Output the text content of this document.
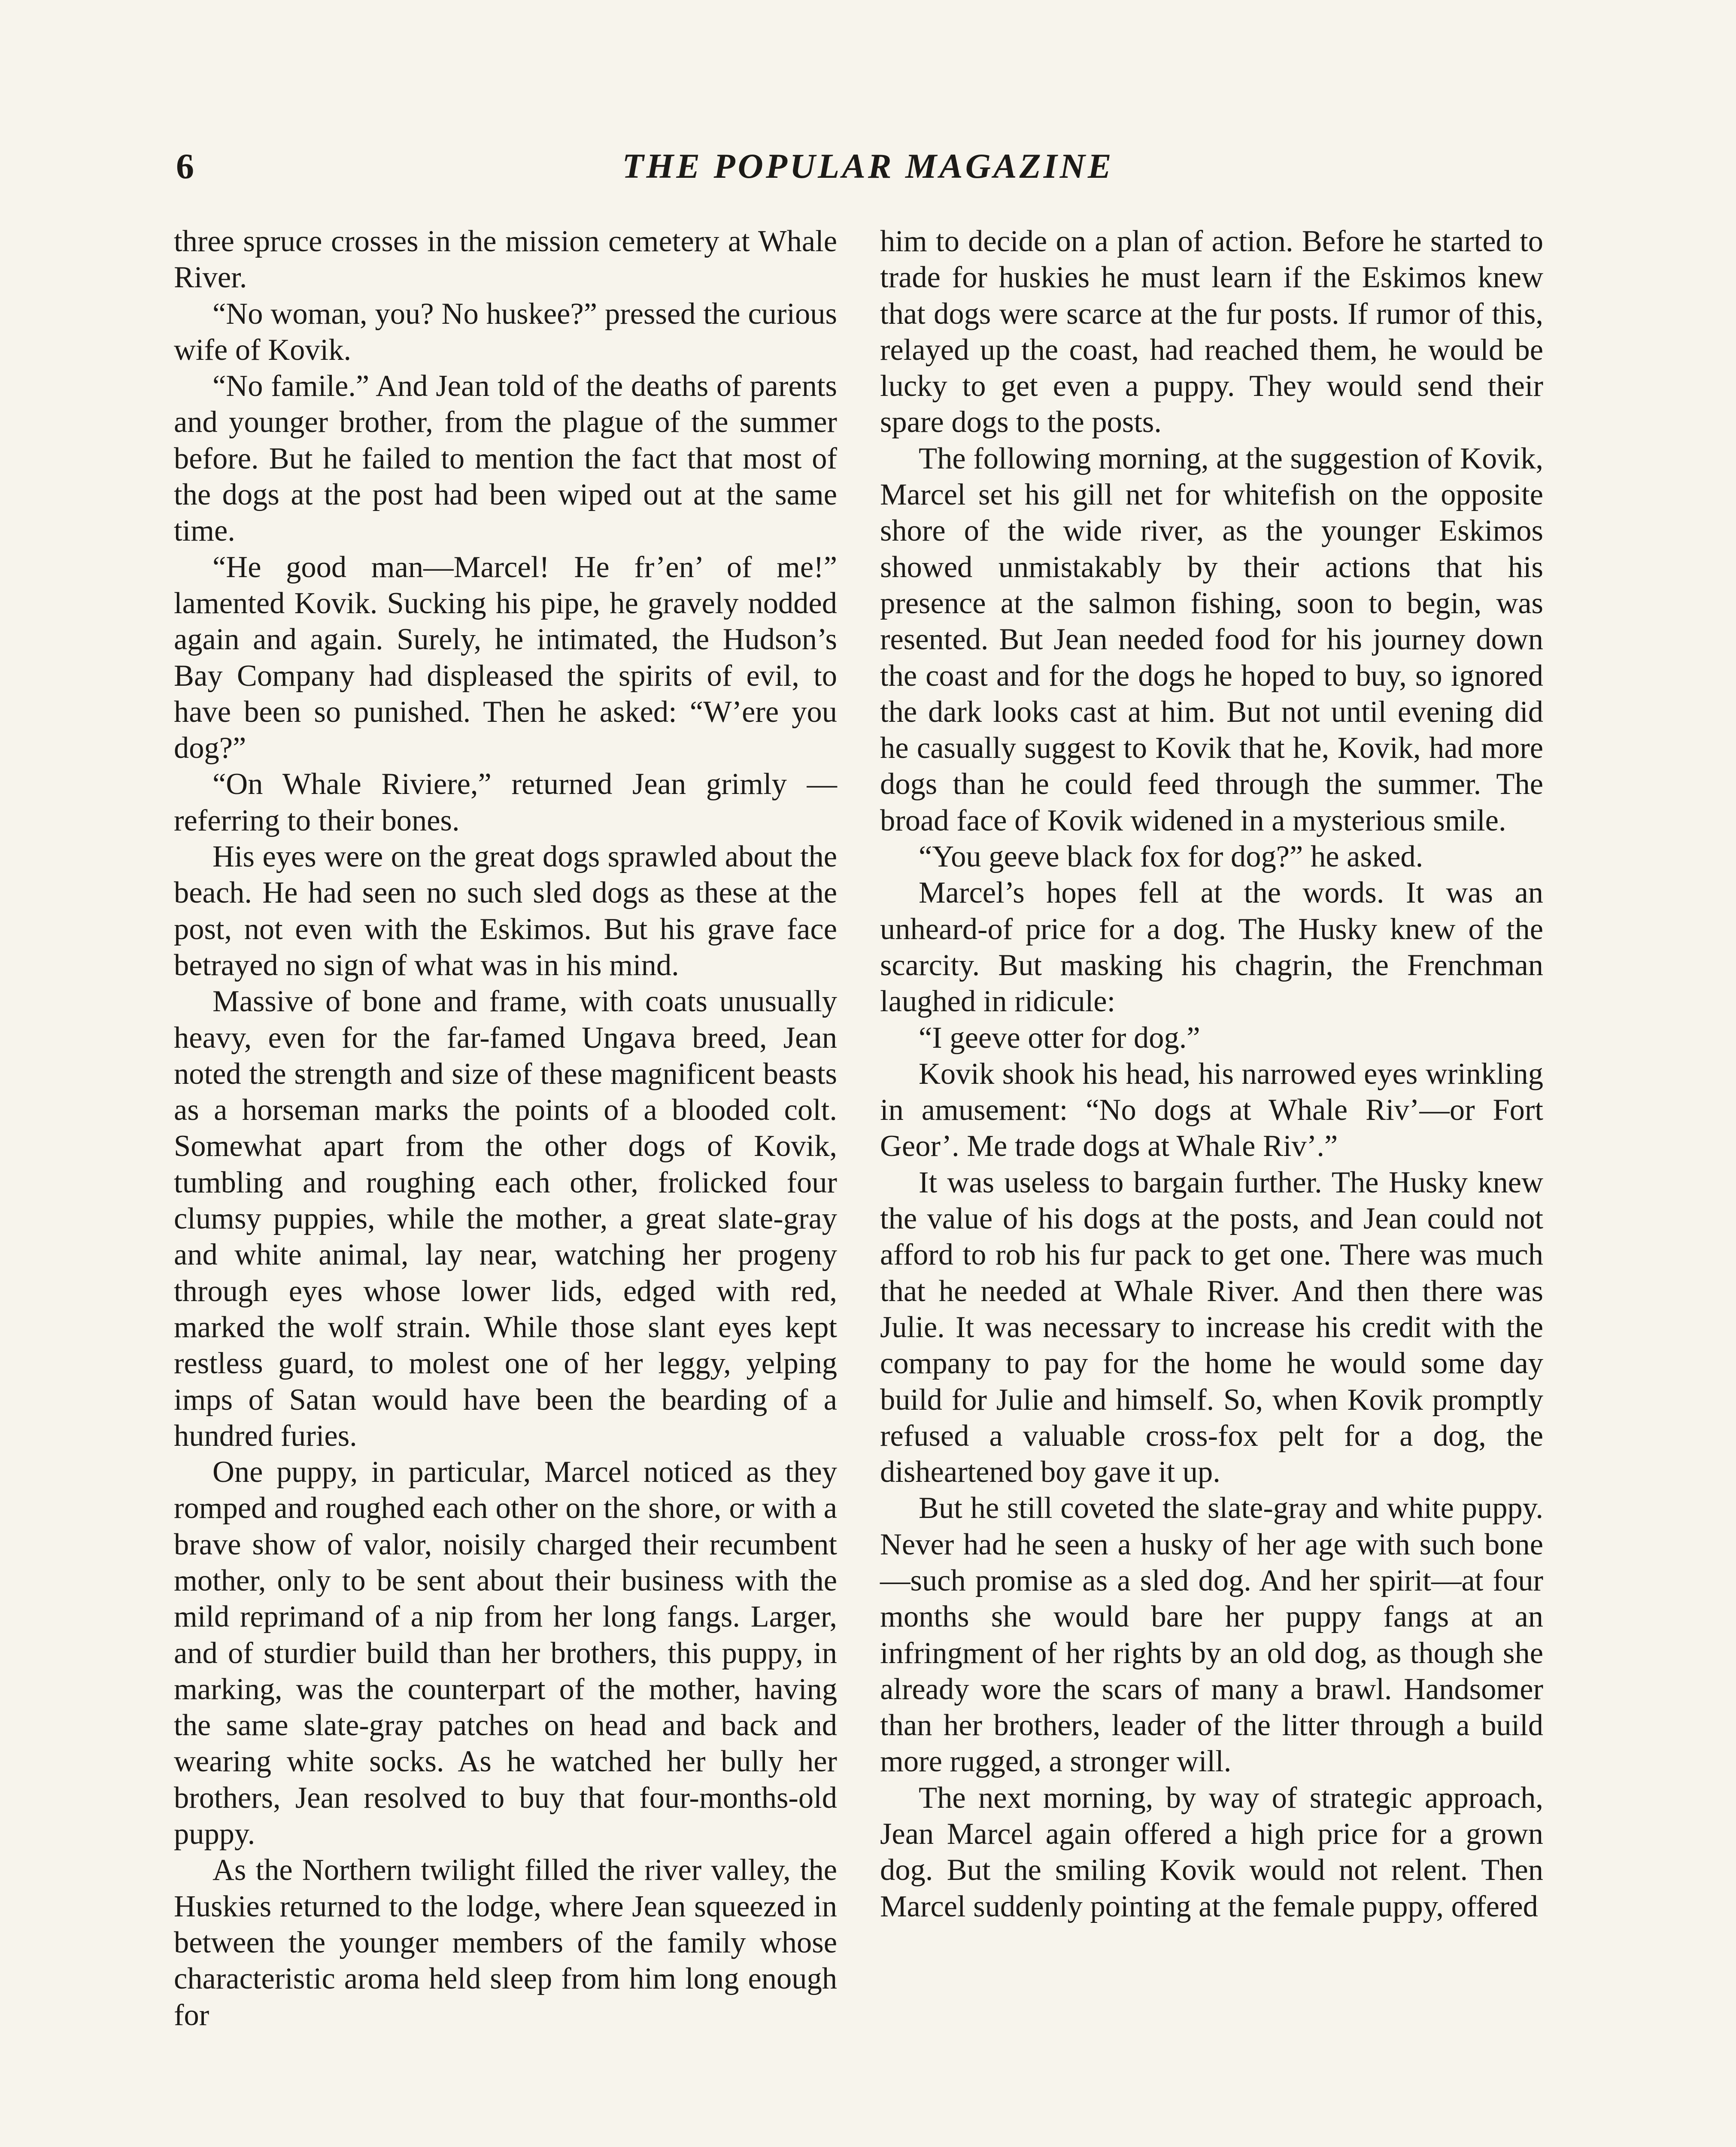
6	THE POPULAR MAGAZINE

three spruce crosses in the mission cemetery at Whale River.

“No woman, you? No huskee?” pressed the curious wife of Kovik.

“No famile.” And Jean told of the deaths of parents and younger brother, from the plague of the summer before. But he failed to mention the fact that most of the dogs at the post had been wiped out at the same time.

“He good man—Marcel! He fr’en’ of me!” lamented Kovik. Sucking his pipe, he gravely nodded again and again. Surely, he intimated, the Hudson’s Bay Company had displeased the spirits of evil, to have been so punished. Then he asked: “W’ere you dog?”

“On Whale Riviere,” returned Jean grimly —referring to their bones.

His eyes were on the great dogs sprawled about the beach. He had seen no such sled dogs as these at the post, not even with the Eskimos. But his grave face betrayed no sign of what was in his mind.

Massive of bone and frame, with coats unusually heavy, even for the far-famed Ungava breed, Jean noted the strength and size of these magnificent beasts as a horseman marks the points of a blooded colt. Somewhat apart from the other dogs of Kovik, tumbling and roughing each other, frolicked four clumsy puppies, while the mother, a great slate-gray and white animal, lay near, watching her progeny through eyes whose lower lids, edged with red, marked the wolf strain. While those slant eyes kept restless guard, to molest one of her leggy, yelping imps of Satan would have been the bearding of a hundred furies.

One puppy, in particular, Marcel noticed as they romped and roughed each other on the shore, or with a brave show of valor, noisily charged their recumbent mother, only to be sent about their business with the mild reprimand of a nip from her long fangs. Larger, and of sturdier build than her brothers, this puppy, in marking, was the counterpart of the mother, having the same slate-gray patches on head and back and wearing white socks. As he watched her bully her brothers, Jean resolved to buy that four-months-old puppy.

As the Northern twilight filled the river valley, the Huskies returned to the lodge, where Jean squeezed in between the younger members of the family whose characteristic aroma held sleep from him long enough for

him to decide on a plan of action. Before he started to trade for huskies he must learn if the Eskimos knew that dogs were scarce at the fur posts. If rumor of this, relayed up the coast, had reached them, he would be lucky to get even a puppy. They would send their spare dogs to the posts.

The following morning, at the suggestion of Kovik, Marcel set his gill net for whitefish on the opposite shore of the wide river, as the younger Eskimos showed unmistakably by their actions that his presence at the salmon fishing, soon to begin, was resented. But Jean needed food for his journey down the coast and for the dogs he hoped to buy, so ignored the dark looks cast at him. But not until evening did he casually suggest to Kovik that he, Kovik, had more dogs than he could feed through the summer. The broad face of Kovik widened in a mysterious smile.

“You geeve black fox for dog?” he asked.

Marcel’s hopes fell at the words. It was an unheard-of price for a dog. The Husky knew of the scarcity. But masking his chagrin, the Frenchman laughed in ridicule:

“I geeve otter for dog.”

Kovik shook his head, his narrowed eyes wrinkling in amusement: “No dogs at Whale Riv’—or Fort Geor’. Me trade dogs at Whale Riv’.”

It was useless to bargain further. The Husky knew the value of his dogs at the posts, and Jean could not afford to rob his fur pack to get one. There was much that he needed at Whale River. And then there was Julie. It was necessary to increase his credit with the company to pay for the home he would some day build for Julie and himself. So, when Kovik promptly refused a valuable cross-fox pelt for a dog, the disheartened boy gave it up.

But he still coveted the slate-gray and white puppy. Never had he seen a husky of her age with such bone—such promise as a sled dog. And her spirit—at four months she would bare her puppy fangs at an infringment of her rights by an old dog, as though she already wore the scars of many a brawl. Handsomer than her brothers, leader of the litter through a build more rugged, a stronger will.

The next morning, by way of strategic approach, Jean Marcel again offered a high price for a grown dog. But the smiling Kovik would not relent. Then Marcel suddenly pointing at the female puppy, offered
